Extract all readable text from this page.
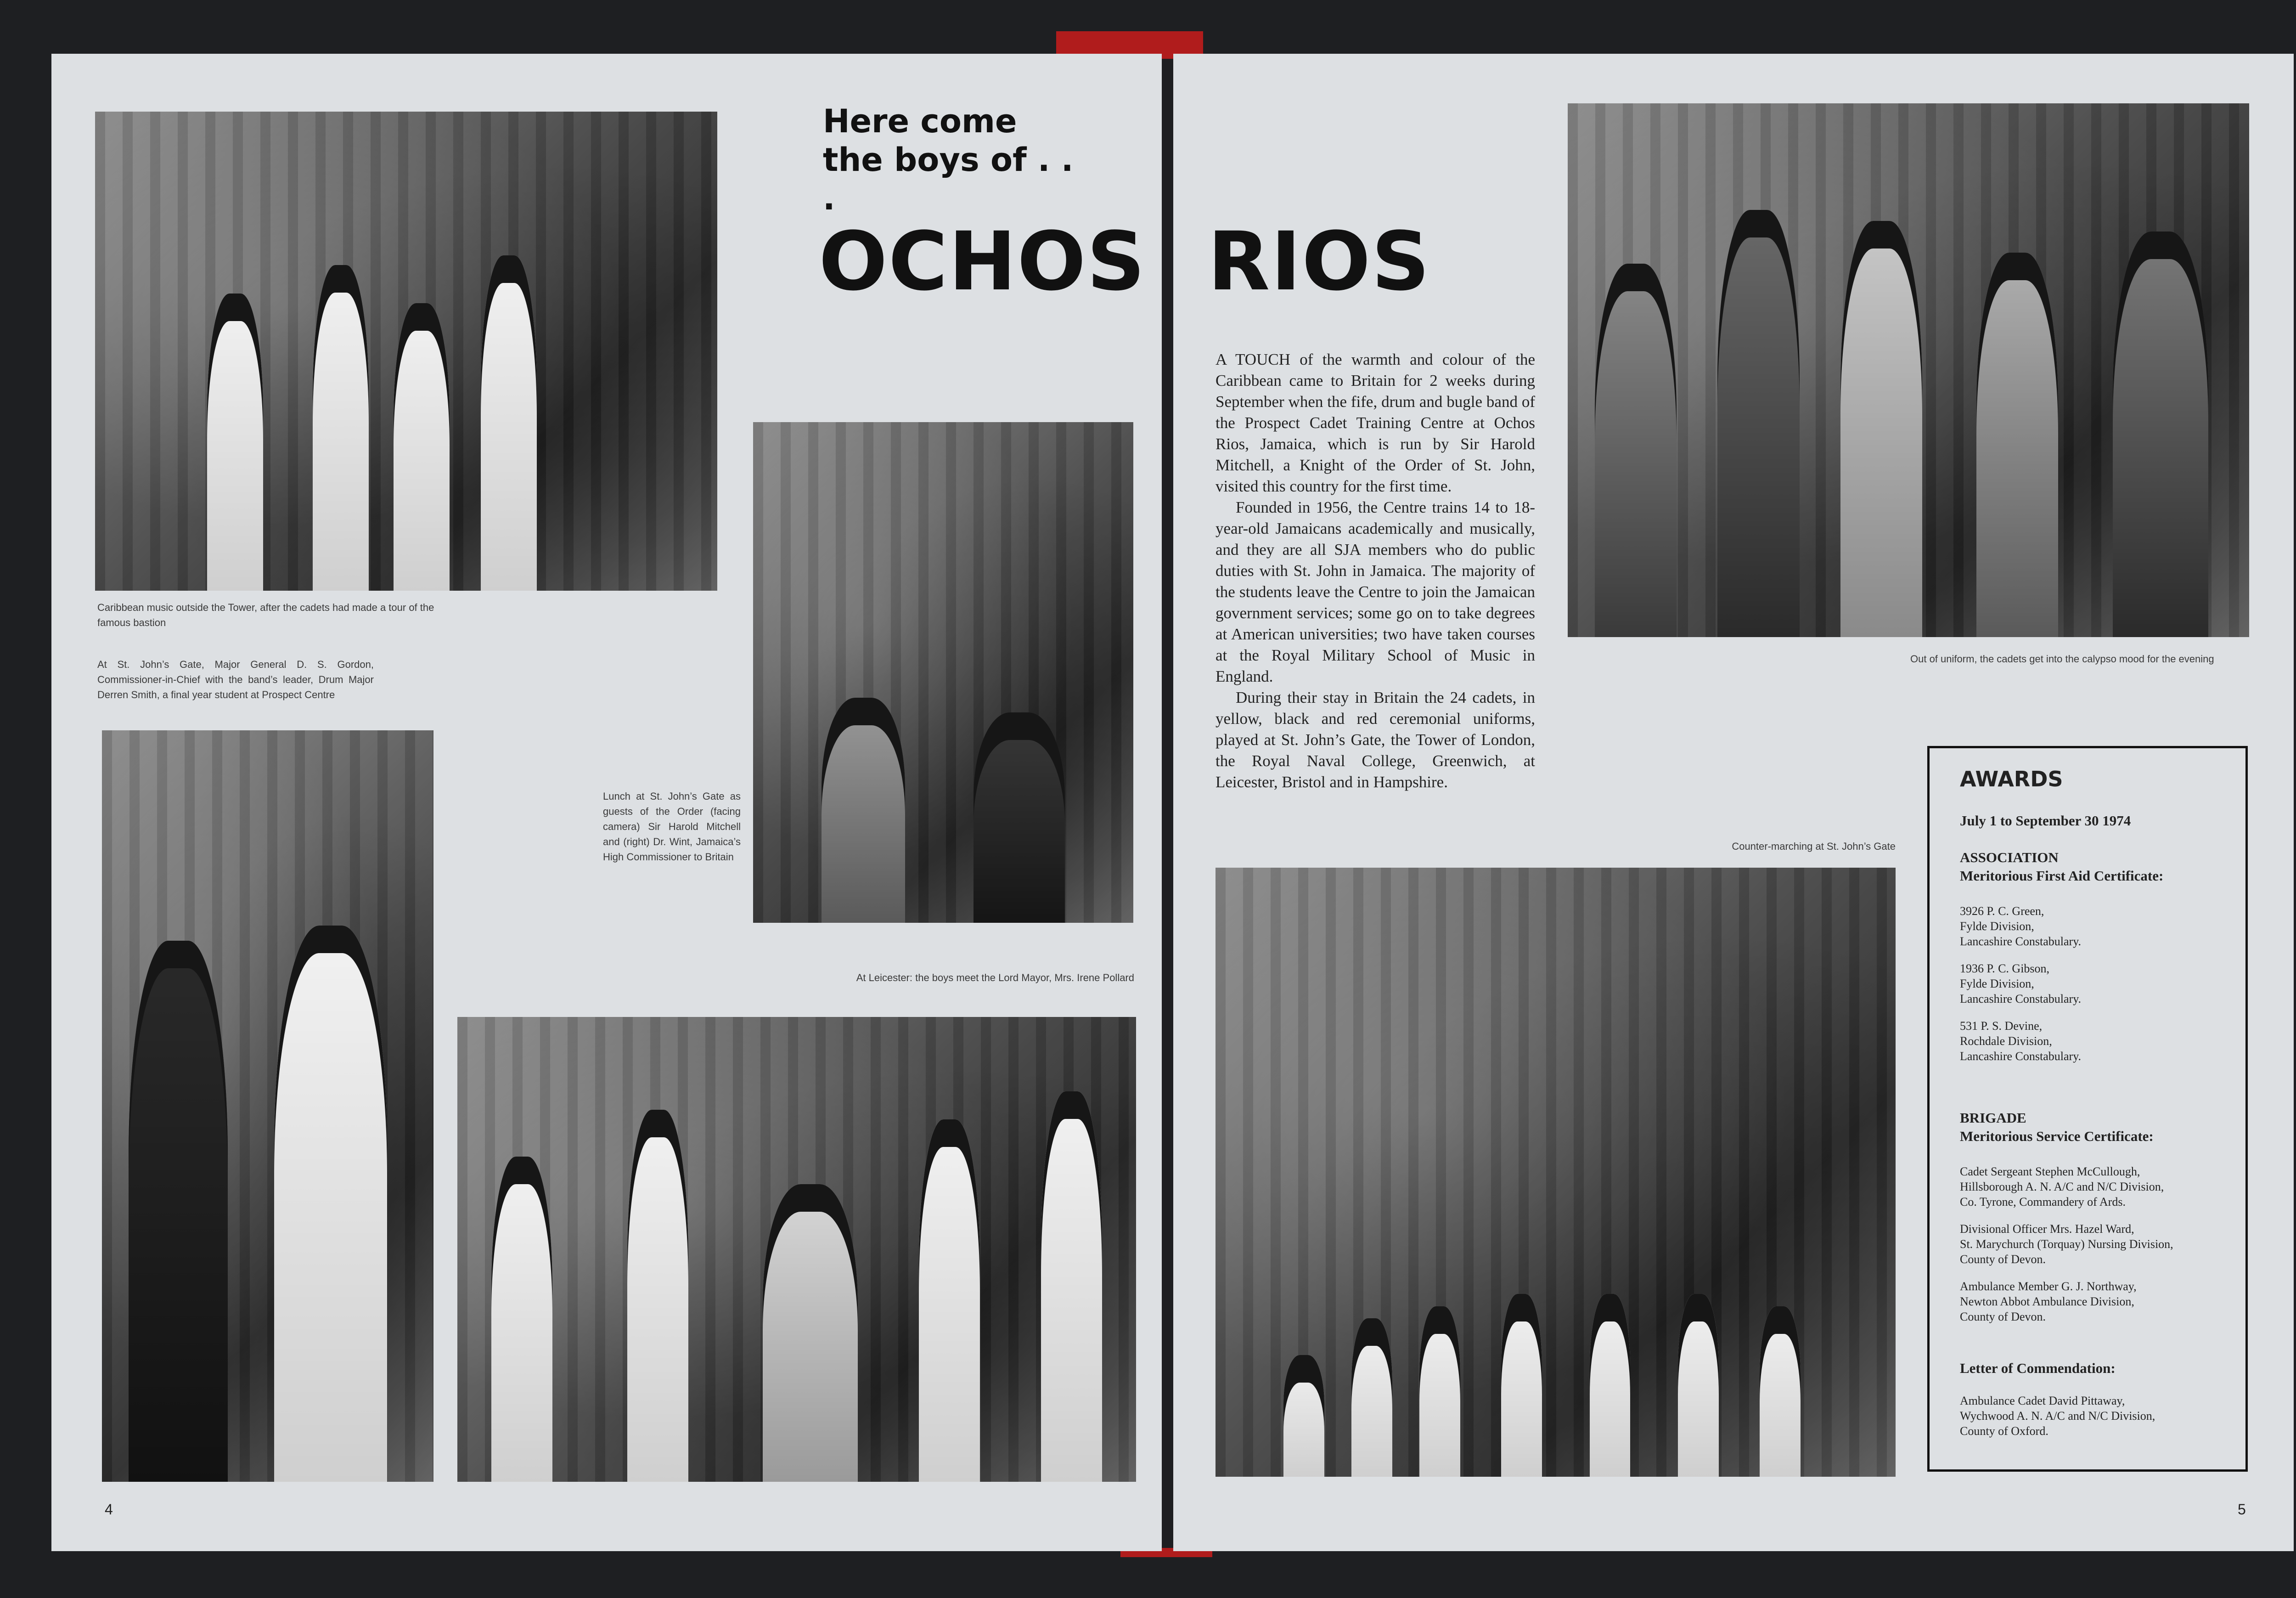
Caribbean music outside the Tower, after the cadets had made a tour of the famous bastion

At St. John’s Gate, Major General D. S. Gordon, Commissioner-in-Chief with the band’s leader, Drum Major Derren Smith, a final year student at Prospect Centre

Here come
the boys of . . .
OCHOS RIOS

Lunch at St. John’s Gate as guests of the Order (facing camera) Sir Harold Mitchell and (right) Dr. Wint, Jamaica’s High Commissioner to Britain

At Leicester: the boys meet the Lord Mayor, Mrs. Irene Pollard

4

A TOUCH of the warmth and colour of the Caribbean came to Britain for 2 weeks during September when the fife, drum and bugle band of the Prospect Cadet Training Centre at Ochos Rios, Jamaica, which is run by Sir Harold Mitchell, a Knight of the Order of St. John, visited this country for the first time.

Founded in 1956, the Centre trains 14 to 18-year-old Jamaicans academically and musically, and they are all SJA members who do public duties with St. John in Jamaica. The majority of the students leave the Centre to join the Jamaican government services; some go on to take degrees at American universities; two have taken courses at the Royal Military School of Music in England.

During their stay in Britain the 24 cadets, in yellow, black and red ceremonial uniforms, played at St. John’s Gate, the Tower of London, the Royal Naval College, Greenwich, at Leicester, Bristol and in Hampshire.

Out of uniform, the cadets get into the calypso mood for the evening

Counter-marching at St. John’s Gate

AWARDS

July 1 to September 30 1974

ASSOCIATION

Meritorious First Aid Certificate:

3926 P. C. Green,

Fylde Division,

Lancashire Constabulary.

1936 P. C. Gibson,

Fylde Division,

Lancashire Constabulary.

531 P. S. Devine,

Rochdale Division,

Lancashire Constabulary.

BRIGADE

Meritorious Service Certificate:

Cadet Sergeant Stephen McCullough,

Hillsborough A. N. A/C and N/C Division,

Co. Tyrone, Commandery of Ards.

Divisional Officer Mrs. Hazel Ward,

St. Marychurch (Torquay) Nursing Division,

County of Devon.

Ambulance Member G. J. Northway,

Newton Abbot Ambulance Division,

County of Devon.

Letter of Commendation:

Ambulance Cadet David Pittaway,

Wychwood A. N. A/C and N/C Division,

County of Oxford.

5
